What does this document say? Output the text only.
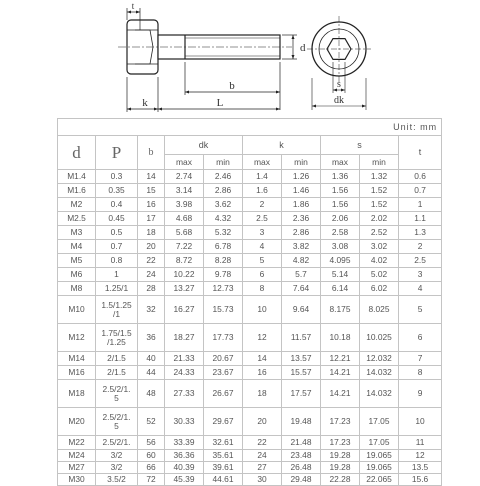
t
d
b	s
k	L	dk
Unit: mm									
d	P	b	dk		k		s		t
			max	min	max	min	max	min	
M1.4	0.3	14	2.74	2.46	1.4	1.26	1.36	1.32	0.6
M1.6	0.35	15	3.14	2.86	1.6	1.46	1.56	1.52	0.7
M2	0.4	16	3.98	3.62	2	1.86	1.56	1.52	1
M2.5	0.45	17	4.68	4.32	2.5	2.36	2.06	2.02	1.1
M3	0.5	18	5.68	5.32	3	2.86	2.58	2.52	1.3
M4	0.7	20	7.22	6.78	4	3.82	3.08	3.02	2
M5	0.8	22	8.72	8.28	5	4.82	4.095	4.02	2.5
M6	1	24	10.22	9.78	6	5.7	5.14	5.02	3
M8	1.25/1	28	13.27	12.73	8	7.64	6.14	6.02	4
M10	1.5/1.25
/1	32	16.27	15.73	10	9.64	8.175	8.025	5
M12	1.75/1.5
/1.25	36	18.27	17.73	12	11.57	10.18	10.025	6
M14	2/1.5	40	21.33	20.67	14	13.57	12.21	12.032	7
M16	2/1.5	44	24.33	23.67	16	15.57	14.21	14.032	8
M18	2.5/2/1.
5	48	27.33	26.67	18	17.57	14.21	14.032	9
M20	2.5/2/1.
5	52	30.33	29.67	20	19.48	17.23	17.05	10
M22	2.5/2/1.	56	33.39	32.61	22	21.48	17.23	17.05	11
M24	3/2	60	36.36	35.61	24	23.48	19.28	19.065	12
M27	3/2	66	40.39	39.61	27	26.48	19.28	19.065	13.5
M30	3.5/2	72	45.39	44.61	30	29.48	22.28	22.065	15.6
